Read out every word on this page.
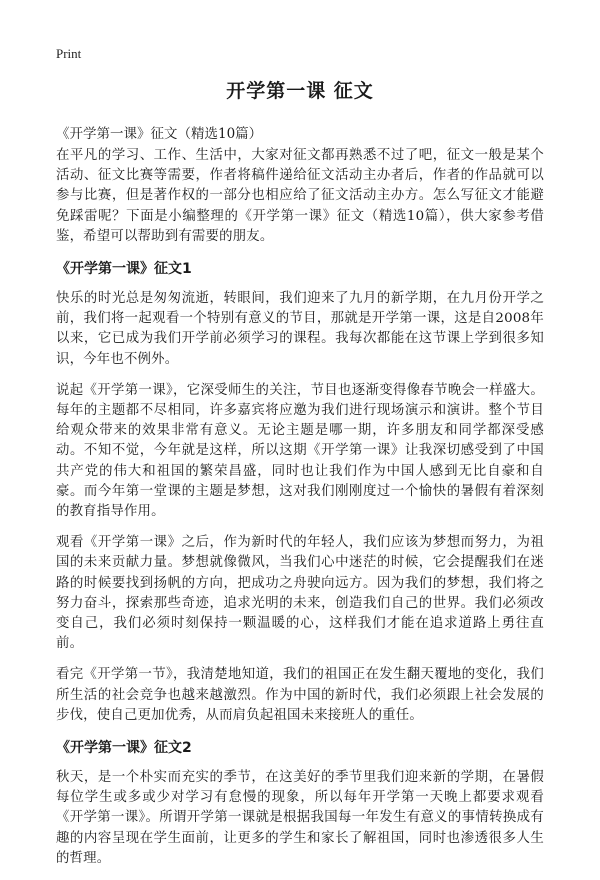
Print
开学第一课 征文

《开学第一课》征文（精选10篇）

在平凡的学习、工作、生活中，大家对征文都再熟悉不过了吧，征文一般是某个活动、征文比赛等需要，作者将稿件递给征文活动主办者后，作者的作品就可以参与比赛，但是著作权的一部分也相应给了征文活动主办方。怎么写征文才能避免踩雷呢？下面是小编整理的《开学第一课》征文（精选10篇），供大家参考借鉴，希望可以帮助到有需要的朋友。

《开学第一课》征文1

快乐的时光总是匆匆流逝，转眼间，我们迎来了九月的新学期，在九月份开学之前，我们将一起观看一个特别有意义的节目，那就是开学第一课，这是自2008年以来，它已成为我们开学前必须学习的课程。我每次都能在这节课上学到很多知识，今年也不例外。

说起《开学第一课》，它深受师生的关注，节目也逐渐变得像春节晚会一样盛大。每年的主题都不尽相同，许多嘉宾将应邀为我们进行现场演示和演讲。整个节目给观众带来的效果非常有意义。无论主题是哪一期，许多朋友和同学都深受感动。不知不觉，今年就是这样，所以这期《开学第一课》让我深切感受到了中国共产党的伟大和祖国的繁荣昌盛，同时也让我们作为中国人感到无比自豪和自豪。而今年第一堂课的主题是梦想，这对我们刚刚度过一个愉快的暑假有着深刻的教育指导作用。

观看《开学第一课》之后，作为新时代的年轻人，我们应该为梦想而努力，为祖国的未来贡献力量。梦想就像微风，当我们心中迷茫的时候，它会提醒我们在迷路的时候要找到扬帆的方向，把成功之舟驶向远方。因为我们的梦想，我们将之努力奋斗，探索那些奇迹，追求光明的未来，创造我们自己的世界。我们必须改变自己，我们必须时刻保持一颗温暖的心，这样我们才能在追求道路上勇往直前。

看完《开学第一节》，我清楚地知道，我们的祖国正在发生翻天覆地的变化，我们所生活的社会竞争也越来越激烈。作为中国的新时代，我们必须跟上社会发展的步伐，使自己更加优秀，从而肩负起祖国未来接班人的重任。

《开学第一课》征文2

秋天，是一个朴实而充实的季节，在这美好的季节里我们迎来新的学期，在暑假每位学生或多或少对学习有怠慢的现象，所以每年开学第一天晚上都要求观看《开学第一课》。所谓开学第一课就是根据我国每一年发生有意义的事情转换成有趣的内容呈现在学生面前，让更多的学生和家长了解祖国，同时也渗透很多人生的哲理。
